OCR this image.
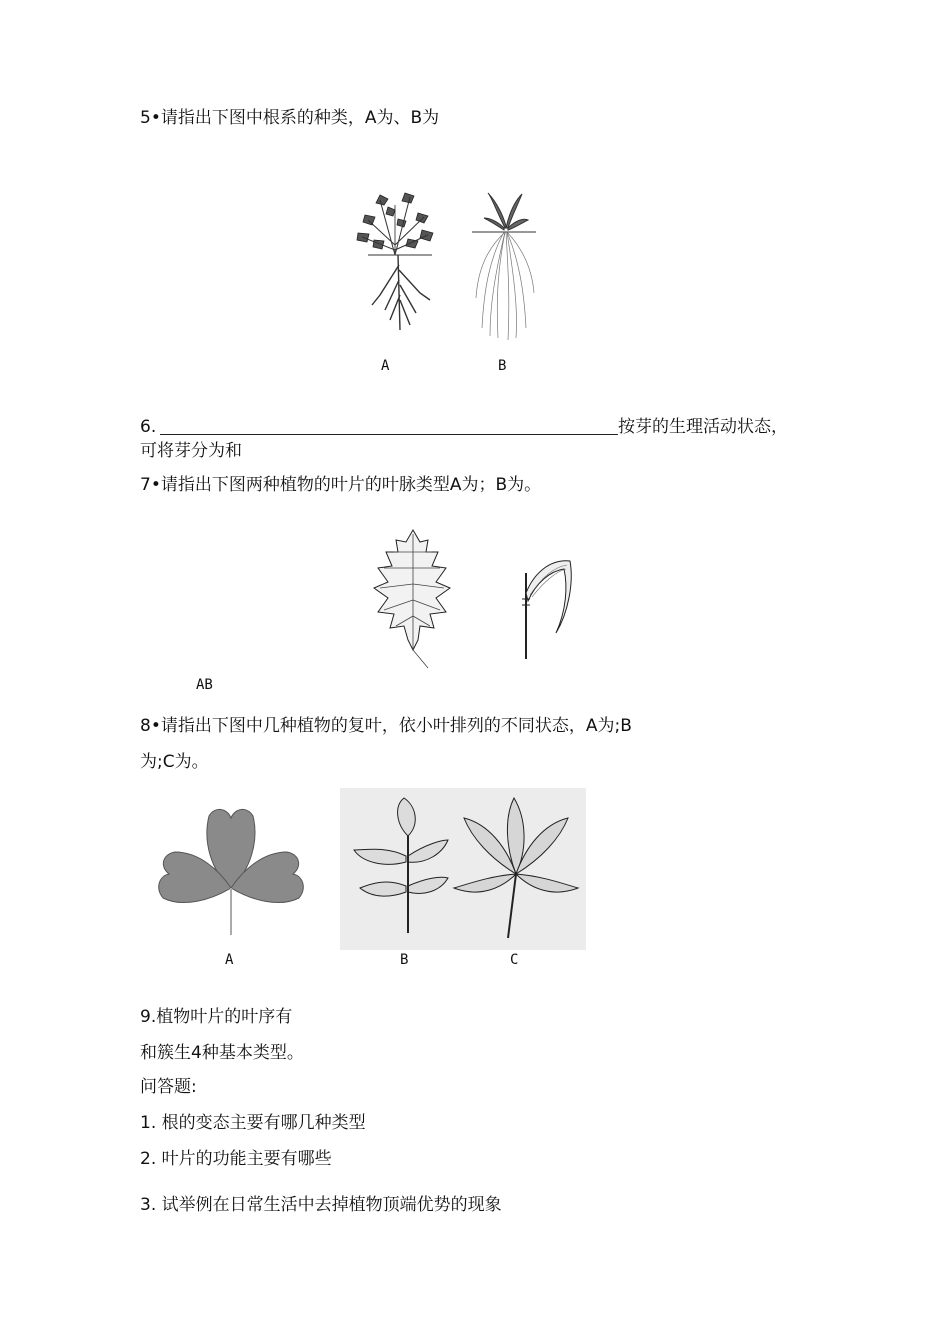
5•请指出下图中根系的种类，A为、B为
A	B
6.	按芽的生理活动状态，
可将芽分为和
7•请指出下图两种植物的叶片的叶脉类型A为；B为。
AB
8•请指出下图中几种植物的复叶，依小叶排列的不同状态，A为;B
为;C为。
A	B	C
9.植物叶片的叶序有
和簇生4种基本类型。
问答题:
1. 根的变态主要有哪几种类型
2. 叶片的功能主要有哪些
3. 试举例在日常生活中去掉植物顶端优势的现象
